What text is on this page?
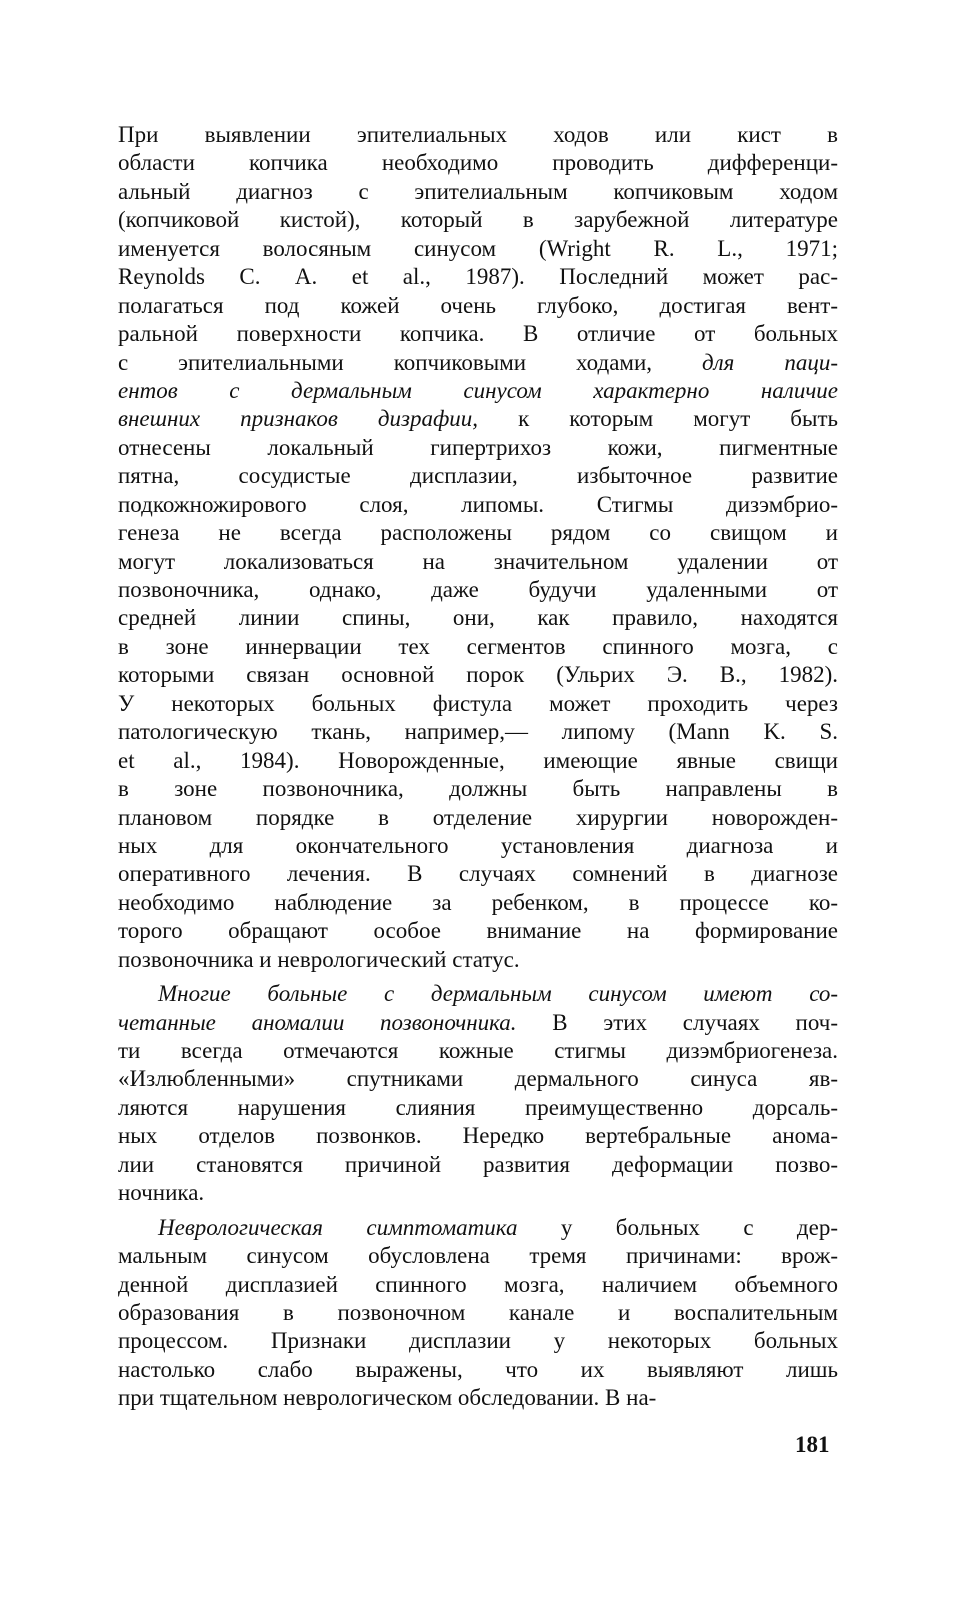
При выявлении эпителиальных ходов или кист в
области копчика необходимо проводить дифференци-
альный диагноз с эпителиальным копчиковым ходом
(копчиковой кистой), который в зарубежной литературе
именуется волосяным синусом (Wright R. L., 1971;
Reynolds С. A. et al., 1987). Последний может рас-
полагаться под кожей очень глубоко, достигая вент-
ральной поверхности копчика. В отличие от больных
с эпителиальными копчиковыми ходами, для паци-
ентов с дермальным синусом характерно наличие
внешних признаков дизрафии, к которым могут быть
отнесены локальный гипертрихоз кожи, пигментные
пятна, сосудистые дисплазии, избыточное развитие
подкожножирового слоя, липомы. Стигмы дизэмбрио-
генеза не всегда расположены рядом со свищом и
могут локализоваться на значительном удалении от
позвоночника, однако, даже будучи удаленными от
средней линии спины, они, как правило, находятся
в зоне иннервации тех сегментов спинного мозга, с
которыми связан основной порок (Ульрих Э. В., 1982).
У некоторых больных фистула может проходить через
патологическую ткань, например,— липому (Mann K. S.
et al., 1984). Новорожденные, имеющие явные свищи
в зоне позвоночника, должны быть направлены в
плановом порядке в отделение хирургии новорожден-
ных для окончательного установления диагноза и
оперативного лечения. В случаях сомнений в диагнозе
необходимо наблюдение за ребенком, в процессе ко-
торого обращают особое внимание на формирование
позвоночника и неврологический статус.
Многие больные с дермальным синусом имеют со-
четанные аномалии позвоночника. В этих случаях поч-
ти всегда отмечаются кожные стигмы дизэмбриогенеза.
«Излюбленными» спутниками дермального синуса яв-
ляются нарушения слияния преимущественно дорсаль-
ных отделов позвонков. Нередко вертебральные анома-
лии становятся причиной развития деформации позво-
ночника.
Неврологическая симптоматика у больных с дер-
мальным синусом обусловлена тремя причинами: врож-
денной дисплазией спинного мозга, наличием объемного
образования в позвоночном канале и воспалительным
процессом. Признаки дисплазии у некоторых больных
настолько слабо выражены, что их выявляют лишь
при тщательном неврологическом обследовании. В на-
181
